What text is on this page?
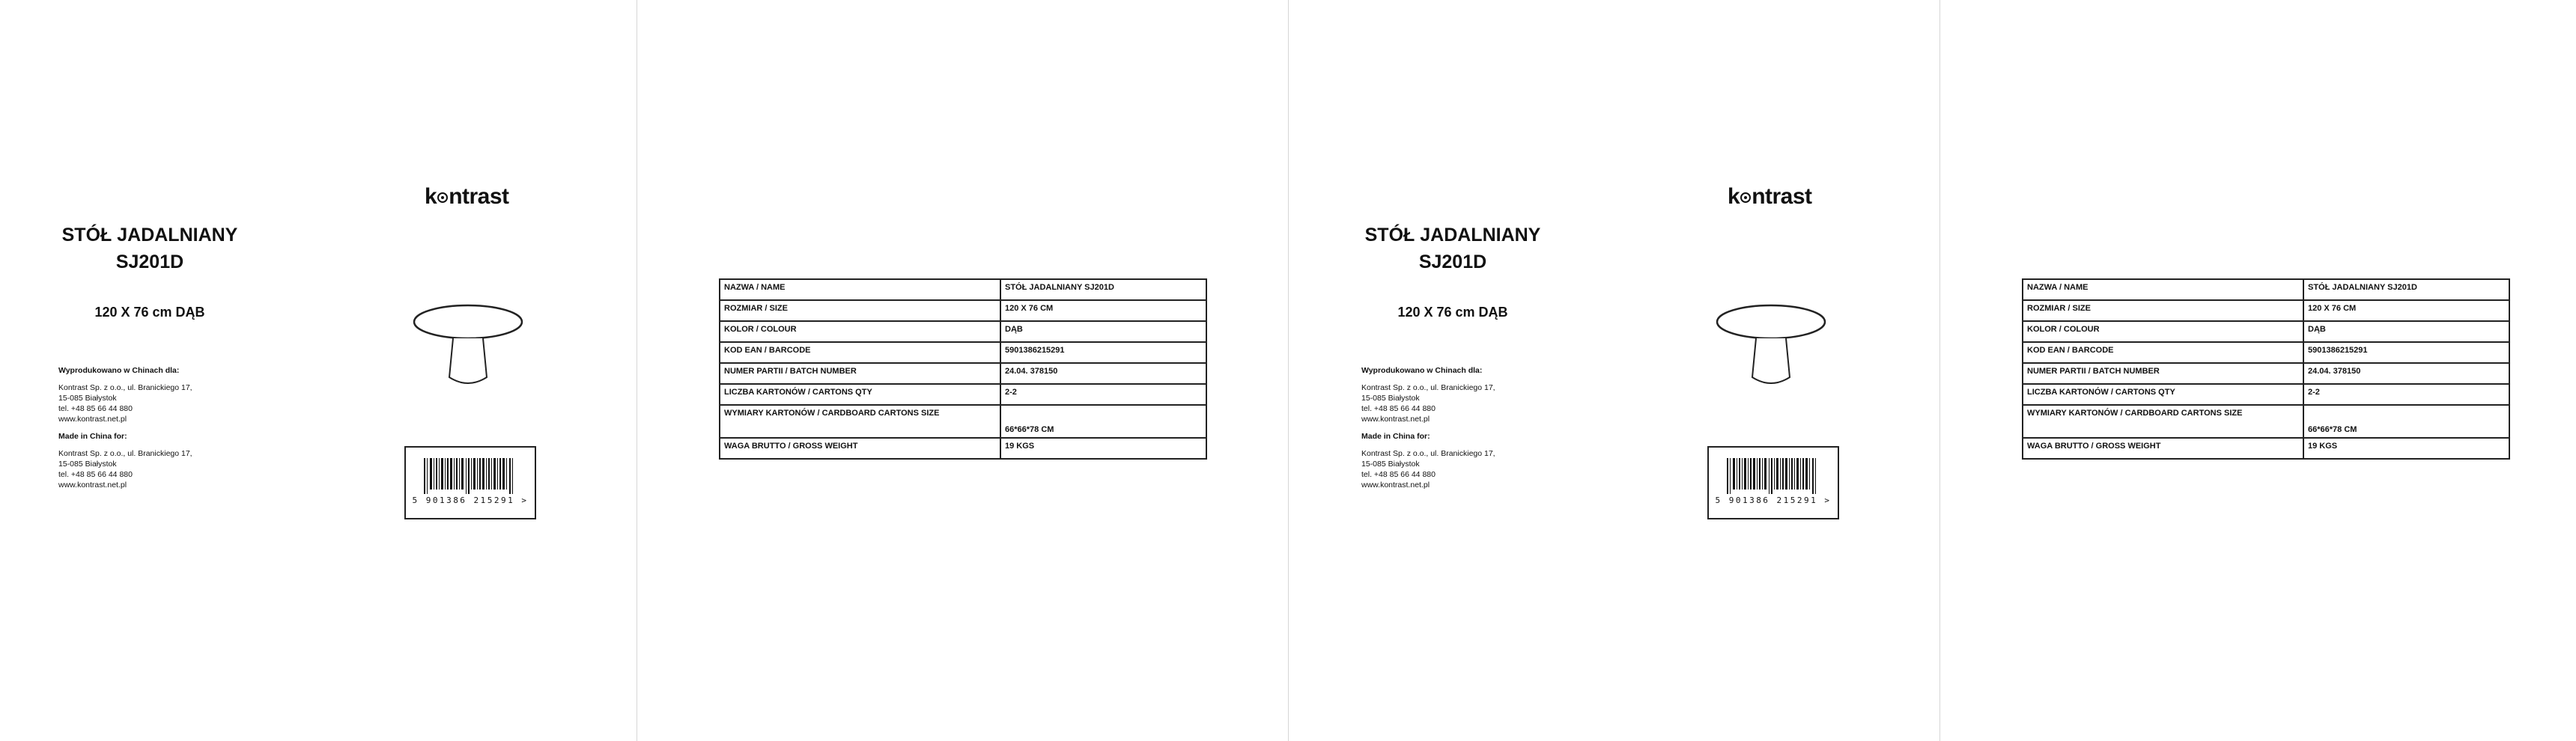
k ntrast
STÓŁ JADALNIANY
SJ201D
120 X 76 cm DĄB
Wyprodukowano w Chinach dla:
Kontrast Sp. z o.o., ul. Branickiego 17,
15-085 Białystok
tel. +48 85 66 44 880
www.kontrast.net.pl
Made in China for:
Kontrast Sp. z o.o., ul. Branickiego 17,
15-085 Białystok
tel. +48 85 66 44 880
www.kontrast.net.pl
5 901386 215291 >
NAZWA / NAME	STÓŁ JADALNIANY SJ201D
ROZMIAR / SIZE	120 X 76 CM
KOLOR / COLOUR	DĄB
KOD EAN / BARCODE	5901386215291
NUMER PARTII / BATCH NUMBER	24.04. 378150
LICZBA KARTONÓW / CARTONS QTY	2-2
WYMIARY KARTONÓW / CARDBOARD CARTONS SIZE	66*66*78 CM
WAGA BRUTTO / GROSS WEIGHT	19 KGS
k ntrast
STÓŁ JADALNIANY
SJ201D
120 X 76 cm DĄB
Wyprodukowano w Chinach dla:
Kontrast Sp. z o.o., ul. Branickiego 17,
15-085 Białystok
tel. +48 85 66 44 880
www.kontrast.net.pl
Made in China for:
Kontrast Sp. z o.o., ul. Branickiego 17,
15-085 Białystok
tel. +48 85 66 44 880
www.kontrast.net.pl
5 901386 215291 >
NAZWA / NAME	STÓŁ JADALNIANY SJ201D
ROZMIAR / SIZE	120 X 76 CM
KOLOR / COLOUR	DĄB
KOD EAN / BARCODE	5901386215291
NUMER PARTII / BATCH NUMBER	24.04. 378150
LICZBA KARTONÓW / CARTONS QTY	2-2
WYMIARY KARTONÓW / CARDBOARD CARTONS SIZE	66*66*78 CM
WAGA BRUTTO / GROSS WEIGHT	19 KGS
